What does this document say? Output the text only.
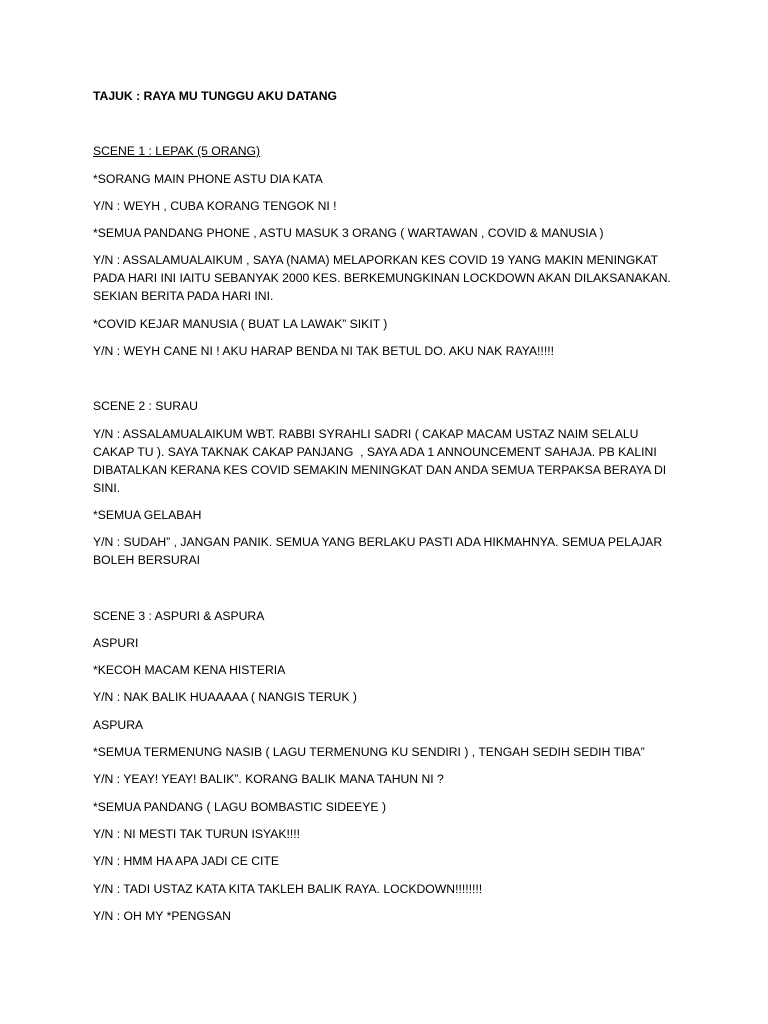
TAJUK : RAYA MU TUNGGU AKU DATANG

SCENE 1 : LEPAK (5 ORANG)

*SORANG MAIN PHONE ASTU DIA KATA

Y/N : WEYH , CUBA KORANG TENGOK NI !

*SEMUA PANDANG PHONE , ASTU MASUK 3 ORANG ( WARTAWAN , COVID & MANUSIA )

Y/N : ASSALAMUALAIKUM , SAYA (NAMA) MELAPORKAN KES COVID 19 YANG MAKIN MENINGKAT PADA HARI INI IAITU SEBANYAK 2000 KES. BERKEMUNGKINAN LOCKDOWN AKAN DILAKSANAKAN. SEKIAN BERITA PADA HARI INI.

*COVID KEJAR MANUSIA ( BUAT LA LAWAK” SIKIT )

Y/N : WEYH CANE NI ! AKU HARAP BENDA NI TAK BETUL DO. AKU NAK RAYA!!!!!

SCENE 2 : SURAU

Y/N : ASSALAMUALAIKUM WBT. RABBI SYRAHLI SADRI ( CAKAP MACAM USTAZ NAIM SELALU CAKAP TU ). SAYA TAKNAK CAKAP PANJANG  , SAYA ADA 1 ANNOUNCEMENT SAHAJA. PB KALINI DIBATALKAN KERANA KES COVID SEMAKIN MENINGKAT DAN ANDA SEMUA TERPAKSA BERAYA DI SINI.

*SEMUA GELABAH

Y/N : SUDAH” , JANGAN PANIK. SEMUA YANG BERLAKU PASTI ADA HIKMAHNYA. SEMUA PELAJAR BOLEH BERSURAI

SCENE 3 : ASPURI & ASPURA

ASPURI

*KECOH MACAM KENA HISTERIA

Y/N : NAK BALIK HUAAAAA ( NANGIS TERUK )

ASPURA

*SEMUA TERMENUNG NASIB ( LAGU TERMENUNG KU SENDIRI ) , TENGAH SEDIH SEDIH TIBA”

Y/N : YEAY! YEAY! BALIK”. KORANG BALIK MANA TAHUN NI ?

*SEMUA PANDANG ( LAGU BOMBASTIC SIDEEYE )

Y/N : NI MESTI TAK TURUN ISYAK!!!!

Y/N : HMM HA APA JADI CE CITE

Y/N : TADI USTAZ KATA KITA TAKLEH BALIK RAYA. LOCKDOWN!!!!!!!!

Y/N : OH MY *PENGSAN
